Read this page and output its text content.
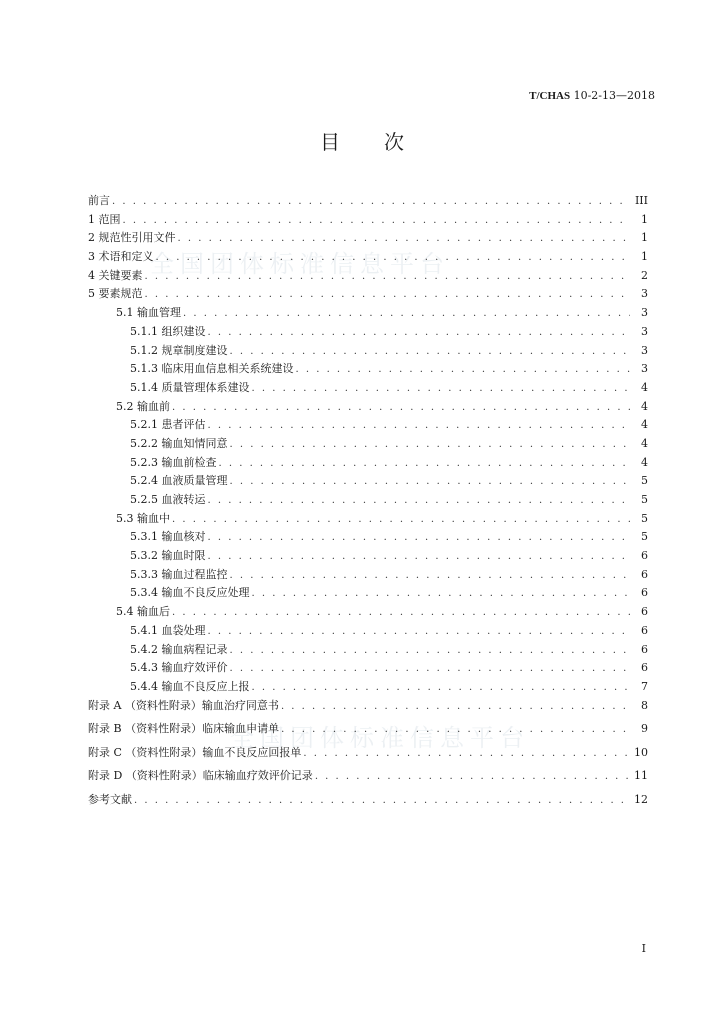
T/CHAS 10-2-13—2018
目 次
全国团体标准信息平台
全国团体标准信息平台
前言 . . .	III
1 范围 . . .	1
2 规范性引用文件 . . .	1
3 术语和定义 . . .	1
4 关键要素 . . .	2
5 要素规范 . . .	3
5.1 输血管理 . . .	3
5.1.1 组织建设 . . .	3
5.1.2 规章制度建设 . . .	3
5.1.3 临床用血信息相关系统建设 . . .	3
5.1.4 质量管理体系建设 . . .	4
5.2 输血前 . . .	4
5.2.1 患者评估 . . .	4
5.2.2 输血知情同意 . . .	4
5.2.3 输血前检查 . . .	4
5.2.4 血液质量管理 . . .	5
5.2.5 血液转运 . . .	5
5.3 输血中 . . .	5
5.3.1 输血核对 . . .	5
5.3.2 输血时限 . . .	6
5.3.3 输血过程监控 . . .	6
5.3.4 输血不良反应处理 . . .	6
5.4 输血后 . . .	6
5.4.1 血袋处理 . . .	6
5.4.2 输血病程记录 . . .	6
5.4.3 输血疗效评价 . . .	6
5.4.4 输血不良反应上报 . . .	7
附录 A （资料性附录）输血治疗同意书 . . .	8
附录 B （资料性附录）临床输血申请单 . . .	9
附录 C （资料性附录）输血不良反应回报单 . . .	10
附录 D （资料性附录）临床输血疗效评价记录 . . .	11
参考文献 . . .	12
I
